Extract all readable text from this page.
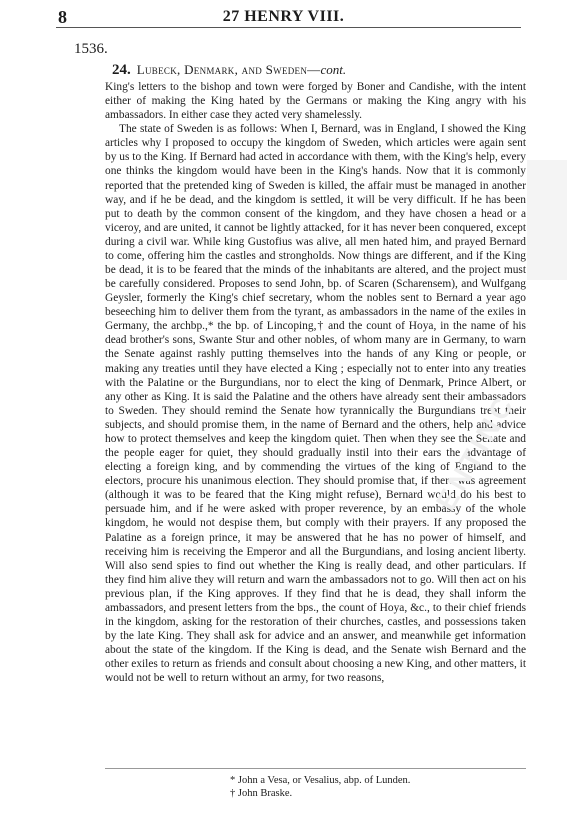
8	27 HENRY VIII.
1536.
24. Lubeck, Denmark, and Sweden—cont.

King's letters to the bishop and town were forged by Boner and Candishe, with the intent either of making the King hated by the Germans or making the King angry with his ambassadors. In either case they acted very shamelessly.

The state of Sweden is as follows: When I, Bernard, was in England, I showed the King articles why I proposed to occupy the kingdom of Sweden, which articles were again sent by us to the King. If Bernard had acted in accordance with them, with the King's help, every one thinks the kingdom would have been in the King's hands. Now that it is commonly reported that the pretended king of Sweden is killed, the affair must be managed in another way, and if he be dead, and the kingdom is settled, it will be very difficult. If he has been put to death by the common consent of the kingdom, and they have chosen a head or a viceroy, and are united, it cannot be lightly attacked, for it has never been conquered, except during a civil war. While king Gustofius was alive, all men hated him, and prayed Bernard to come, offering him the castles and strongholds. Now things are different, and if the King be dead, it is to be feared that the minds of the inhabitants are altered, and the project must be carefully considered. Proposes to send John, bp. of Scaren (Scharensem), and Wulfgang Geysler, formerly the King's chief secretary, whom the nobles sent to Bernard a year ago beseeching him to deliver them from the tyrant, as ambassadors in the name of the exiles in Germany, the archbp.,* the bp. of Lincoping,† and the count of Hoya, in the name of his dead brother's sons, Swante Stur and other nobles, of whom many are in Germany, to warn the Senate against rashly putting themselves into the hands of any King or people, or making any treaties until they have elected a King ; especially not to enter into any treaties with the Palatine or the Burgundians, nor to elect the king of Denmark, Prince Albert, or any other as King. It is said the Palatine and the others have already sent their ambassadors to Sweden. They should remind the Senate how tyrannically the Burgundians treat their subjects, and should promise them, in the name of Bernard and the others, help and advice how to protect themselves and keep the kingdom quiet. Then when they see the Senate and the people eager for quiet, they should gradually instil into their ears the advantage of electing a foreign king, and by commending the virtues of the king of England to the electors, procure his unanimous election. They should promise that, if there was agreement (although it was to be feared that the King might refuse), Bernard would do his best to persuade him, and if he were asked with proper reverence, by an embassy of the whole kingdom, he would not despise them, but comply with their prayers. If any proposed the Palatine as a foreign prince, it may be answered that he has no power of himself, and receiving him is receiving the Emperor and all the Burgundians, and losing ancient liberty. Will also send spies to find out whether the King is really dead, and other particulars. If they find him alive they will return and warn the ambassadors not to go. Will then act on his previous plan, if the King approves. If they find that he is dead, they shall inform the ambassadors, and present letters from the bps., the count of Hoya, &c., to their chief friends in the kingdom, asking for the restoration of their churches, castles, and possessions taken by the late King. They shall ask for advice and an answer, and meanwhile get information about the state of the kingdom. If the King is dead, and the Senate wish Bernard and the other exiles to return as friends and consult about choosing a new King, and other matters, it would not be well to return without an army, for two reasons,

ENTINC
* John a Vesa, or Vesalius, abp. of Lunden.
† John Braske.
